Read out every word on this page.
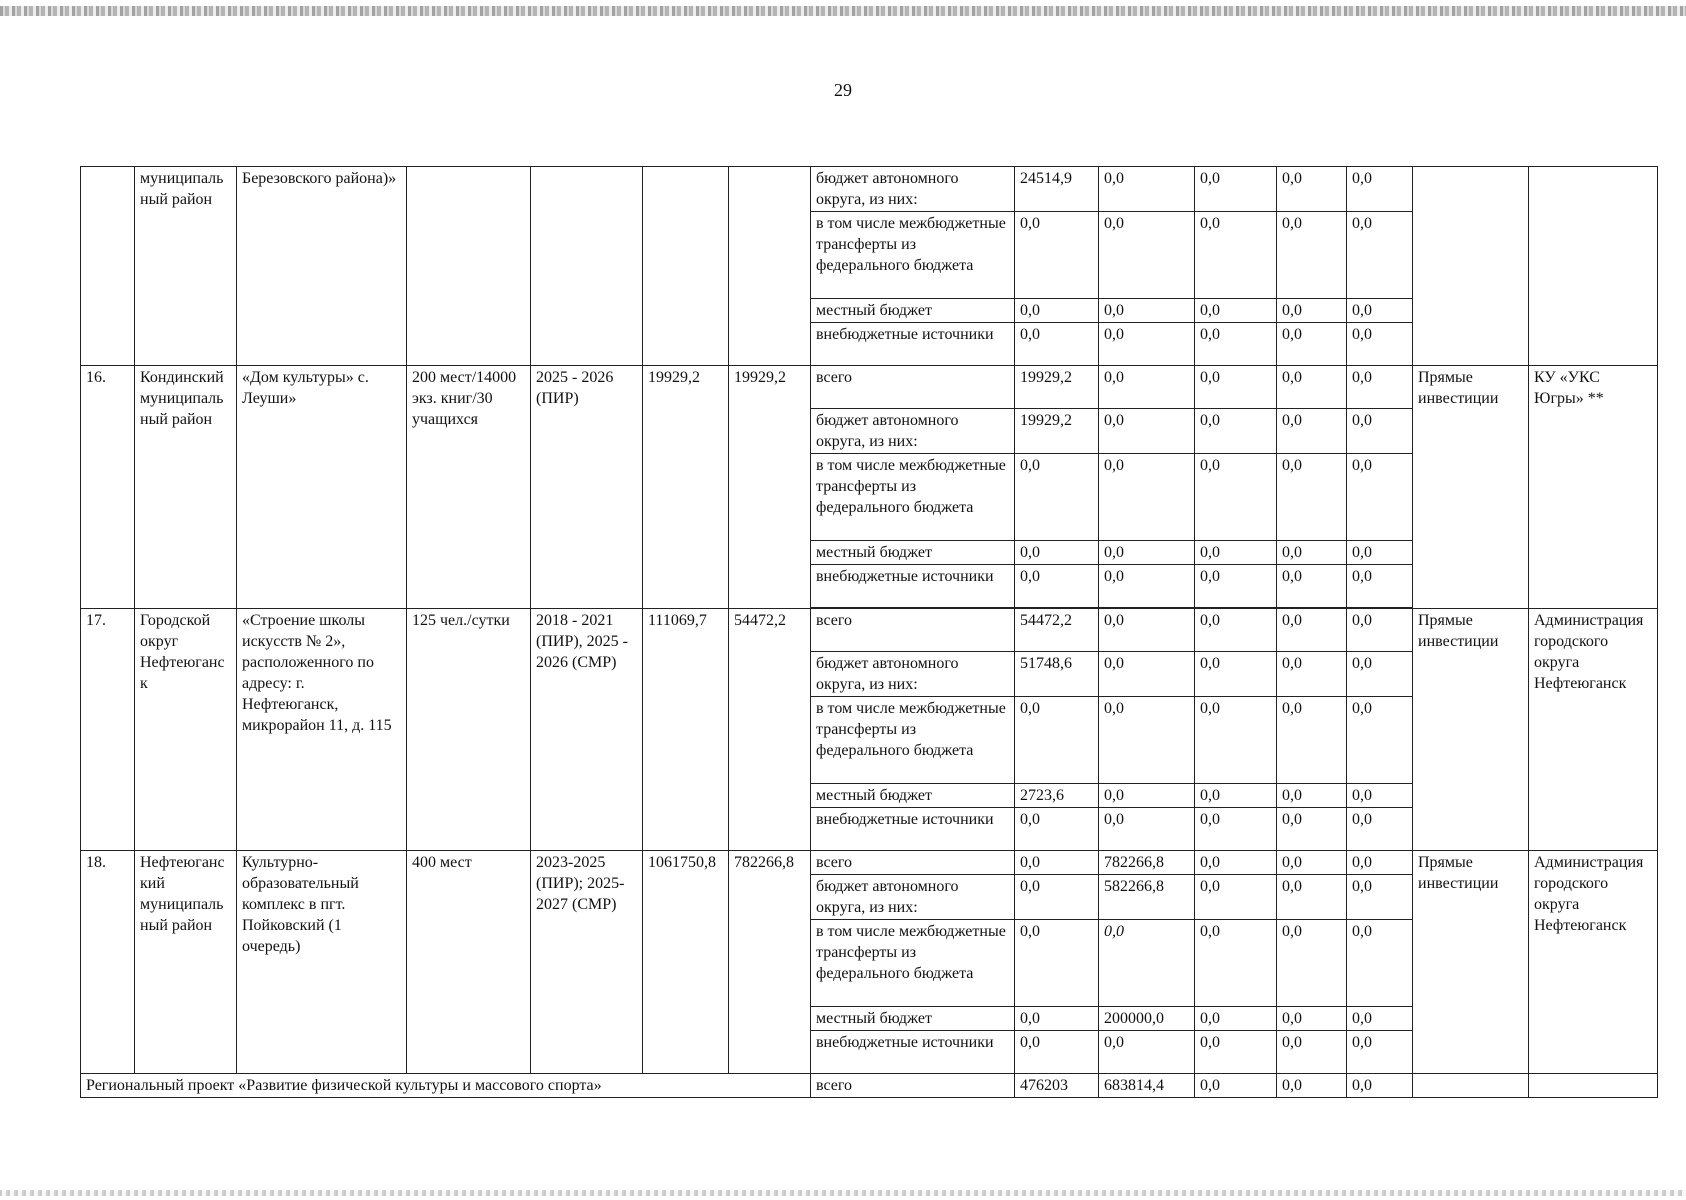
29
	муниципальный район	Березовского района)»					бюджет автономного округа, из них:	24514,9	0,0	0,0	0,0	0,0		
							в том числе межбюджетные трансферты из федерального бюджета	0,0	0,0	0,0	0,0	0,0		
							местный бюджет	0,0	0,0	0,0	0,0	0,0		
							внебюджетные источники	0,0	0,0	0,0	0,0	0,0		
16.	Кондинский муниципальный район	«Дом культуры» с. Леуши»	200 мест/14000 экз. книг/30 учащихся	2025 - 2026 (ПИР)	19929,2	19929,2	всего	19929,2	0,0	0,0	0,0	0,0	Прямые инвестиции	КУ «УКС Югры» **
							бюджет автономного округа, из них:	19929,2	0,0	0,0	0,0	0,0		
							в том числе межбюджетные трансферты из федерального бюджета	0,0	0,0	0,0	0,0	0,0		
							местный бюджет	0,0	0,0	0,0	0,0	0,0		
							внебюджетные источники	0,0	0,0	0,0	0,0	0,0		

17.	Городской округ Нефтеюганск	«Строение школы искусств № 2», расположенного по адресу: г. Нефтеюганск, микрорайон 11, д. 115	125 чел./сутки	2018 - 2021 (ПИР), 2025 - 2026 (СМР)	111069,7	54472,2	всего	54472,2	0,0	0,0	0,0	0,0	Прямые инвестиции	Администрация городского округа Нефтеюганск
							бюджет автономного округа, из них:	51748,6	0,0	0,0	0,0	0,0		
							в том числе межбюджетные трансферты из федерального бюджета	0,0	0,0	0,0	0,0	0,0		
							местный бюджет	2723,6	0,0	0,0	0,0	0,0		
							внебюджетные источники	0,0	0,0	0,0	0,0	0,0		
18.	Нефтеюганский муниципальный район	Культурно-образовательный комплекс в пгт. Пойковский (1 очередь)	400 мест	2023-2025 (ПИР); 2025-2027 (СМР)	1061750,8	782266,8	всего	0,0	782266,8	0,0	0,0	0,0	Прямые инвестиции	Администрация городского округа Нефтеюганск
							бюджет автономного округа, из них:	0,0	582266,8	0,0	0,0	0,0		
							в том числе межбюджетные трансферты из федерального бюджета	0,0	0,0	0,0	0,0	0,0		
							местный бюджет	0,0	200000,0	0,0	0,0	0,0		
							внебюджетные источники	0,0	0,0	0,0	0,0	0,0		
Региональный проект «Развитие физической культуры и массового спорта»							всего	476203	683814,4	0,0	0,0	0,0		
